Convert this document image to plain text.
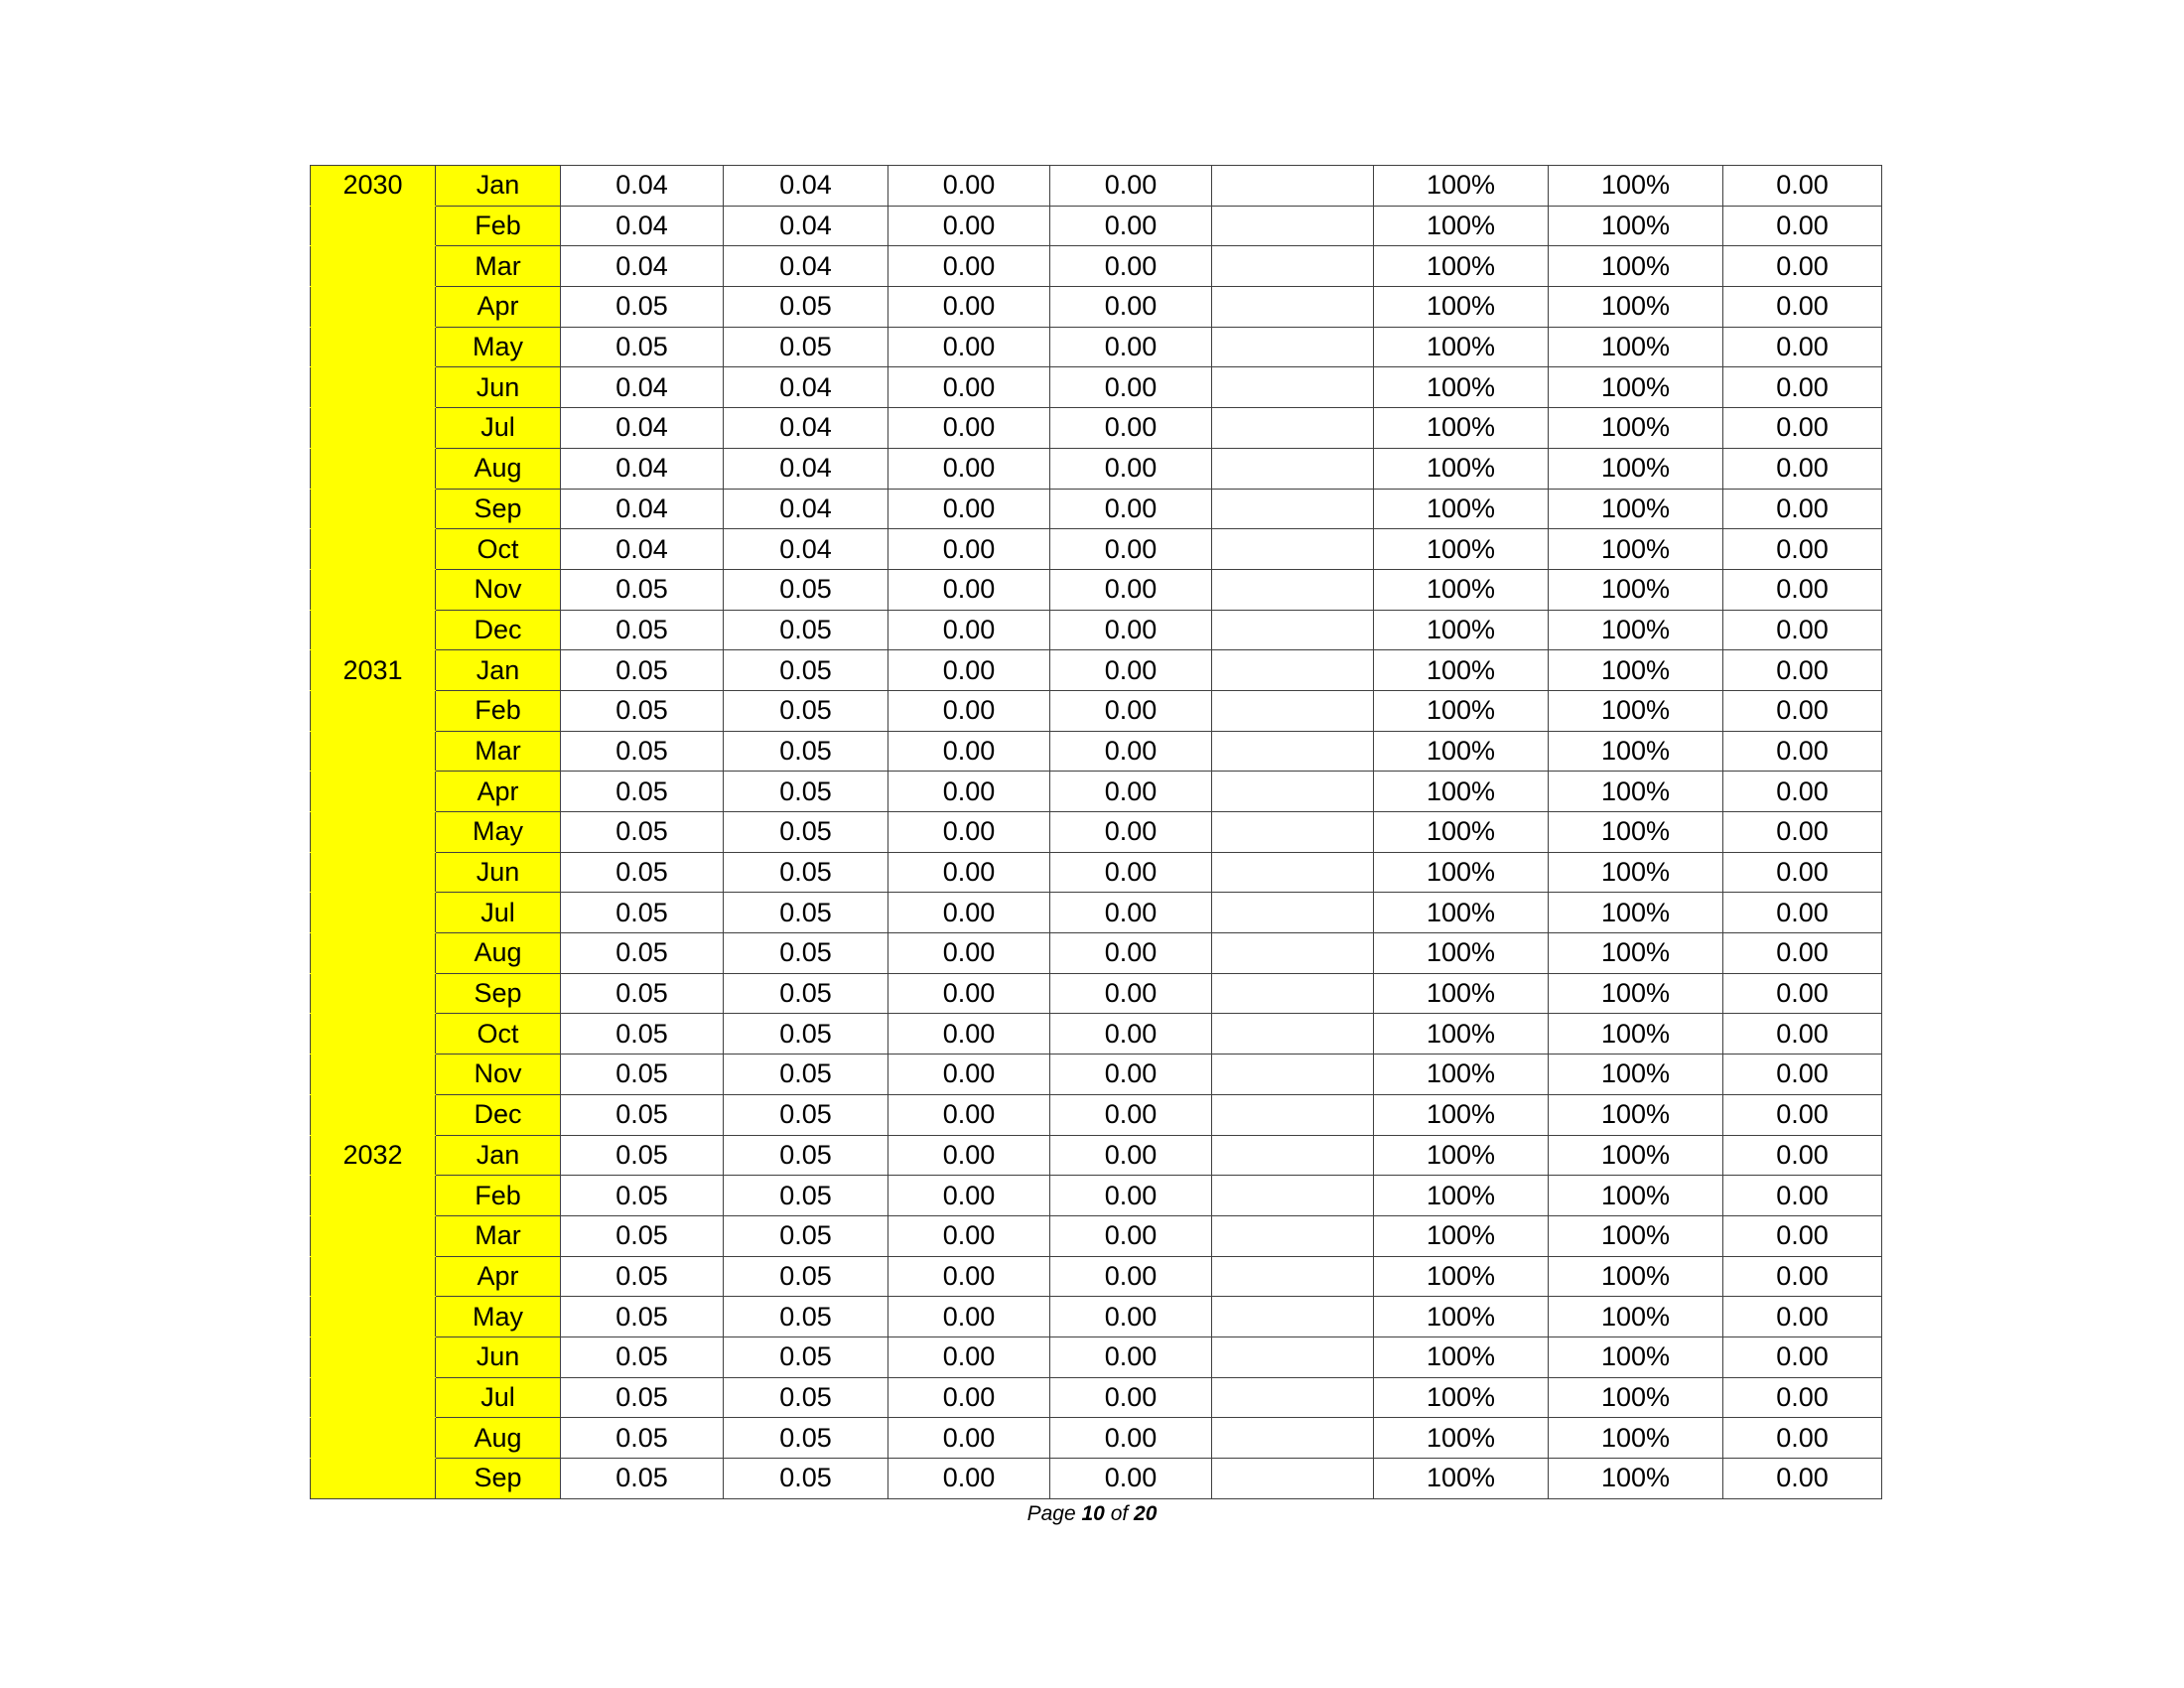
2030	Jan	0.04	0.04	0.00	0.00		100%	100%	0.00
	Feb	0.04	0.04	0.00	0.00		100%	100%	0.00
	Mar	0.04	0.04	0.00	0.00		100%	100%	0.00
	Apr	0.05	0.05	0.00	0.00		100%	100%	0.00
	May	0.05	0.05	0.00	0.00		100%	100%	0.00
	Jun	0.04	0.04	0.00	0.00		100%	100%	0.00
	Jul	0.04	0.04	0.00	0.00		100%	100%	0.00
	Aug	0.04	0.04	0.00	0.00		100%	100%	0.00
	Sep	0.04	0.04	0.00	0.00		100%	100%	0.00
	Oct	0.04	0.04	0.00	0.00		100%	100%	0.00
	Nov	0.05	0.05	0.00	0.00		100%	100%	0.00
	Dec	0.05	0.05	0.00	0.00		100%	100%	0.00
2031	Jan	0.05	0.05	0.00	0.00		100%	100%	0.00
	Feb	0.05	0.05	0.00	0.00		100%	100%	0.00
	Mar	0.05	0.05	0.00	0.00		100%	100%	0.00
	Apr	0.05	0.05	0.00	0.00		100%	100%	0.00
	May	0.05	0.05	0.00	0.00		100%	100%	0.00
	Jun	0.05	0.05	0.00	0.00		100%	100%	0.00
	Jul	0.05	0.05	0.00	0.00		100%	100%	0.00
	Aug	0.05	0.05	0.00	0.00		100%	100%	0.00
	Sep	0.05	0.05	0.00	0.00		100%	100%	0.00
	Oct	0.05	0.05	0.00	0.00		100%	100%	0.00
	Nov	0.05	0.05	0.00	0.00		100%	100%	0.00
	Dec	0.05	0.05	0.00	0.00		100%	100%	0.00
2032	Jan	0.05	0.05	0.00	0.00		100%	100%	0.00
	Feb	0.05	0.05	0.00	0.00		100%	100%	0.00
	Mar	0.05	0.05	0.00	0.00		100%	100%	0.00
	Apr	0.05	0.05	0.00	0.00		100%	100%	0.00
	May	0.05	0.05	0.00	0.00		100%	100%	0.00
	Jun	0.05	0.05	0.00	0.00		100%	100%	0.00
	Jul	0.05	0.05	0.00	0.00		100%	100%	0.00
	Aug	0.05	0.05	0.00	0.00		100%	100%	0.00
	Sep	0.05	0.05	0.00	0.00		100%	100%	0.00
Page 10 of 20
